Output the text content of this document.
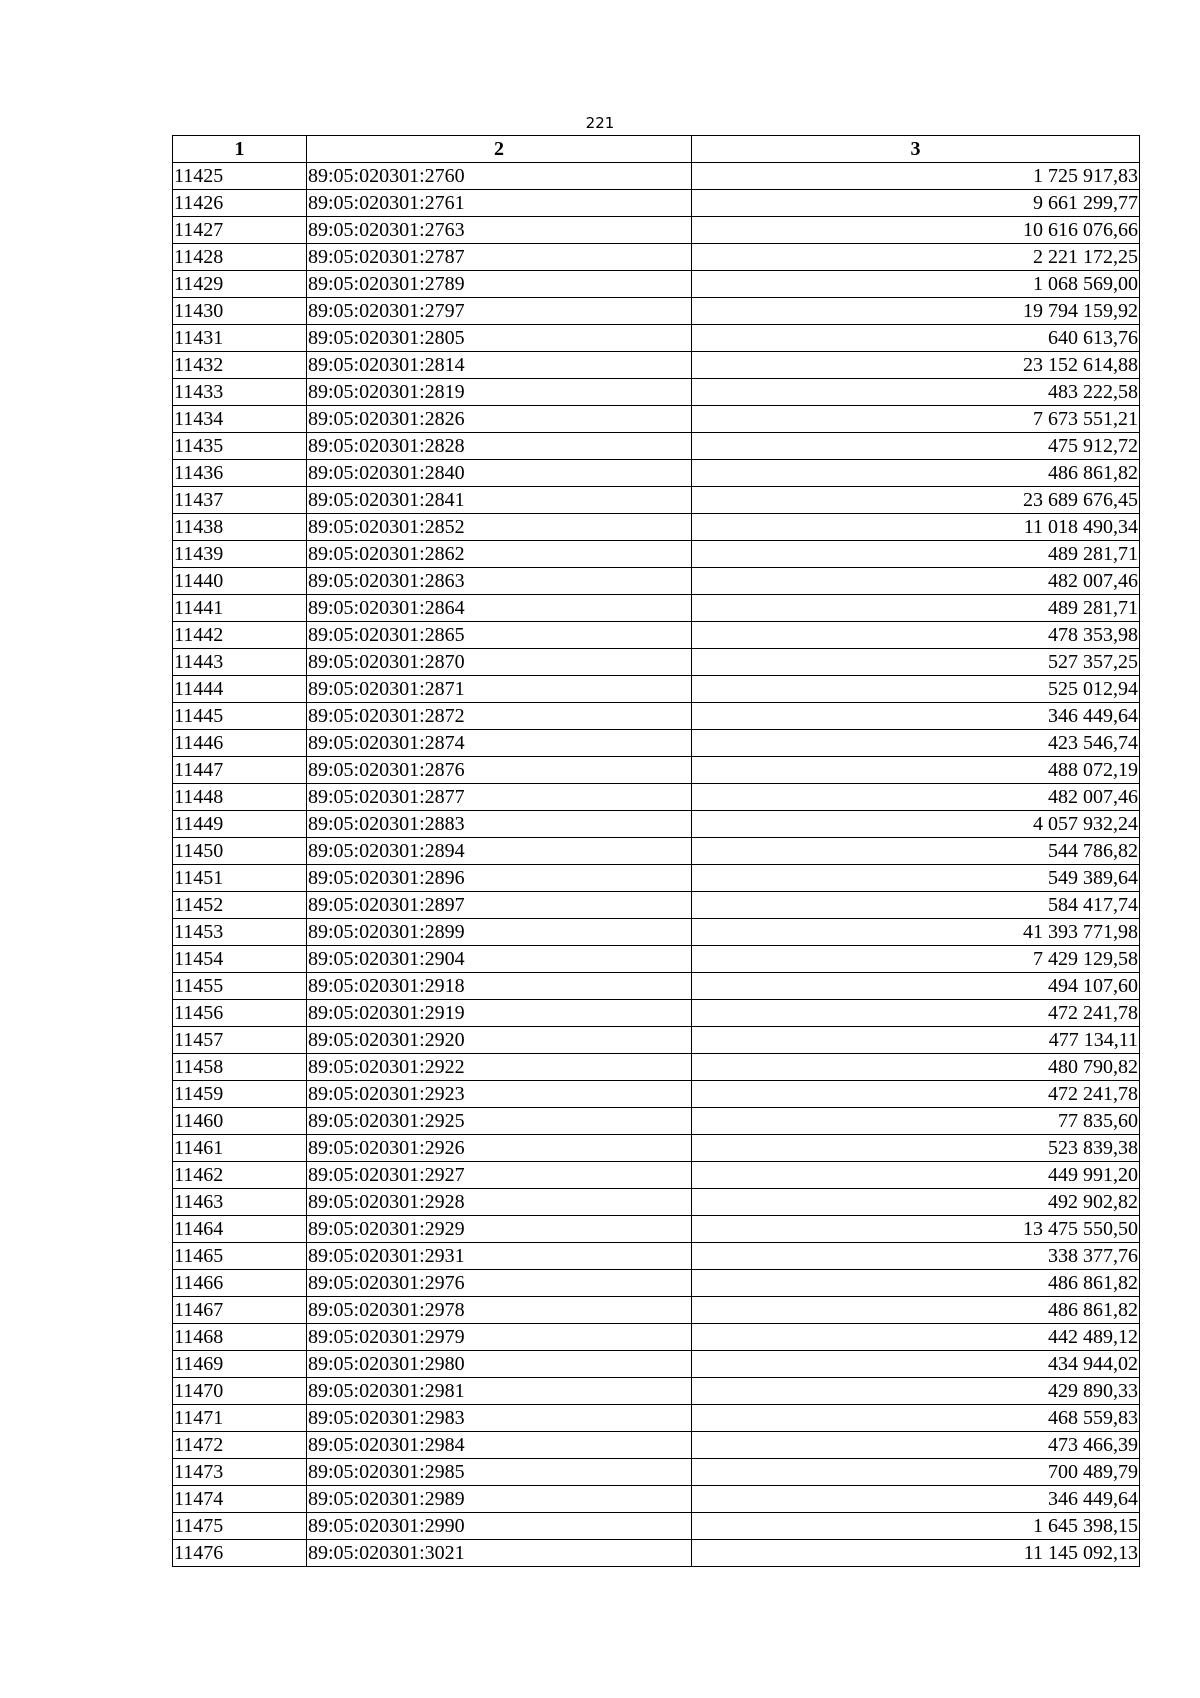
221
1	2	3
11425	89:05:020301:2760	1 725 917,83
11426	89:05:020301:2761	9 661 299,77
11427	89:05:020301:2763	10 616 076,66
11428	89:05:020301:2787	2 221 172,25
11429	89:05:020301:2789	1 068 569,00
11430	89:05:020301:2797	19 794 159,92
11431	89:05:020301:2805	640 613,76
11432	89:05:020301:2814	23 152 614,88
11433	89:05:020301:2819	483 222,58
11434	89:05:020301:2826	7 673 551,21
11435	89:05:020301:2828	475 912,72
11436	89:05:020301:2840	486 861,82
11437	89:05:020301:2841	23 689 676,45
11438	89:05:020301:2852	11 018 490,34
11439	89:05:020301:2862	489 281,71
11440	89:05:020301:2863	482 007,46
11441	89:05:020301:2864	489 281,71
11442	89:05:020301:2865	478 353,98
11443	89:05:020301:2870	527 357,25
11444	89:05:020301:2871	525 012,94
11445	89:05:020301:2872	346 449,64
11446	89:05:020301:2874	423 546,74
11447	89:05:020301:2876	488 072,19
11448	89:05:020301:2877	482 007,46
11449	89:05:020301:2883	4 057 932,24
11450	89:05:020301:2894	544 786,82
11451	89:05:020301:2896	549 389,64
11452	89:05:020301:2897	584 417,74
11453	89:05:020301:2899	41 393 771,98
11454	89:05:020301:2904	7 429 129,58
11455	89:05:020301:2918	494 107,60
11456	89:05:020301:2919	472 241,78
11457	89:05:020301:2920	477 134,11
11458	89:05:020301:2922	480 790,82
11459	89:05:020301:2923	472 241,78
11460	89:05:020301:2925	77 835,60
11461	89:05:020301:2926	523 839,38
11462	89:05:020301:2927	449 991,20
11463	89:05:020301:2928	492 902,82
11464	89:05:020301:2929	13 475 550,50
11465	89:05:020301:2931	338 377,76
11466	89:05:020301:2976	486 861,82
11467	89:05:020301:2978	486 861,82
11468	89:05:020301:2979	442 489,12
11469	89:05:020301:2980	434 944,02
11470	89:05:020301:2981	429 890,33
11471	89:05:020301:2983	468 559,83
11472	89:05:020301:2984	473 466,39
11473	89:05:020301:2985	700 489,79
11474	89:05:020301:2989	346 449,64
11475	89:05:020301:2990	1 645 398,15
11476	89:05:020301:3021	11 145 092,13
